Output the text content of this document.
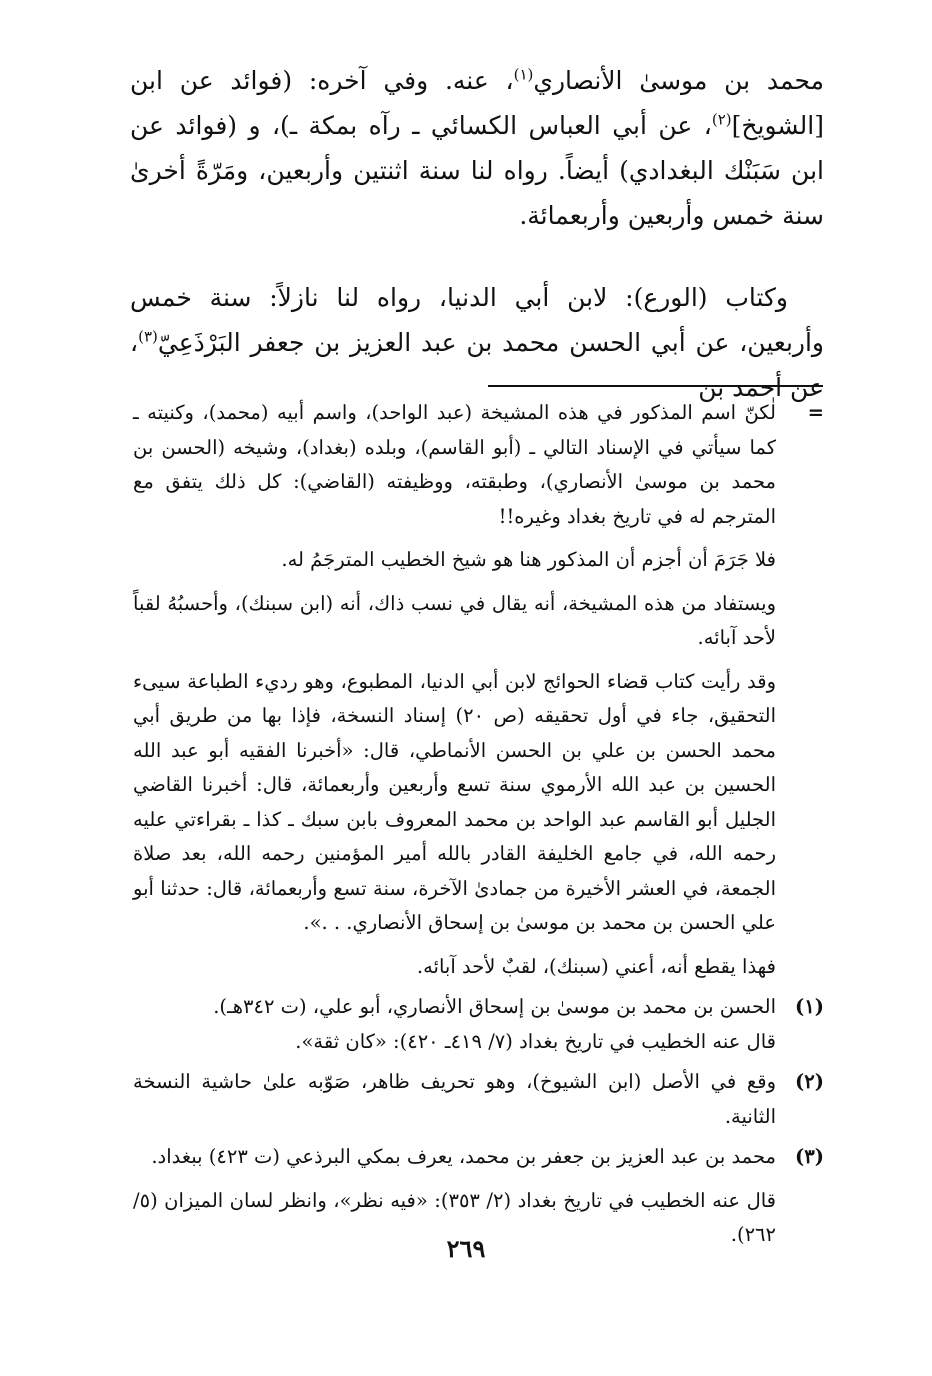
محمد بن موسىٰ الأنصاري$^{(١)}$، عنه. وفي آخره: (فوائد عن ابن [الشويخ]$^{(٢)}$، عن أبي العباس الكسائي ـ رآه بمكة ـ)، و (فوائد عن ابن سَبَنْك البغدادي) أيضاً. رواه لنا سنة اثنتين وأربعين، ومَرّةً أخرىٰ سنة خمس وأربعين وأربعمائة.

وكتاب (الورع): لابن أبي الدنيا، رواه لنا نازلاً: سنة خمس وأربعين، عن أبي الحسن محمد بن عبد العزيز بن جعفر البَرْذَعِيّ$^{(٣)}$، عن أحمد بن

=

لٰكنّ اسم المذكور في هذه المشيخة (عبد الواحد)، واسم أبيه (محمد)، وكنيته ـ كما سيأتي في الإسناد التالي ـ (أبو القاسم)، وبلده (بغداد)، وشيخه (الحسن بن محمد بن موسىٰ الأنصاري)، وطبقته، ووظيفته (القاضي): كل ذلك يتفق مع المترجم له في تاريخ بغداد وغيره!!

فلا جَرَمَ أن أجزم أن المذكور هنا هو شيخ الخطيب المترجَمُ له.

ويستفاد من هذه المشيخة، أنه يقال في نسب ذاك، أنه (ابن سبنك)، وأحسبُهُ لقباً لأحد آبائه.

وقد رأيت كتاب قضاء الحوائج لابن أبي الدنيا، المطبوع، وهو رديء الطباعة سيىء التحقيق، جاء في أول تحقيقه (ص ٢٠) إسناد النسخة، فإذا بها من طريق أبي محمد الحسن بن علي بن الحسن الأنماطي، قال: «أخبرنا الفقيه أبو عبد الله الحسين بن عبد الله الأرموي سنة تسع وأربعين وأربعمائة، قال: أخبرنا القاضي الجليل أبو القاسم عبد الواحد بن محمد المعروف بابن سبك ـ كذا ـ بقراءتي عليه رحمه الله، في جامع الخليفة القادر بالله أمير المؤمنين رحمه الله، بعد صلاة الجمعة، في العشر الأخيرة من جمادىٰ الآخرة، سنة تسع وأربعمائة، قال: حدثنا أبو علي الحسن بن محمد بن موسىٰ بن إسحاق الأنصاري. . .».

فهذا يقطع أنه، أعني (سبنك)، لقبٌ لأحد آبائه.

(١)

الحسن بن محمد بن موسىٰ بن إسحاق الأنصاري، أبو علي، (ت ٣٤٢هـ).

قال عنه الخطيب في تاريخ بغداد (٧/ ٤١٩ـ ٤٢٠): «كان ثقة».

(٢)

وقع في الأصل (ابن الشيوخ)، وهو تحريف ظاهر، صَوّبه علىٰ حاشية النسخة الثانية.

(٣)

محمد بن عبد العزيز بن جعفر بن محمد، يعرف بمكي البرذعي (ت ٤٢٣) ببغداد.

قال عنه الخطيب في تاريخ بغداد (٢/ ٣٥٣): «فيه نظر»، وانظر لسان الميزان (٥/ ٢٦٢).

٢٦٩
